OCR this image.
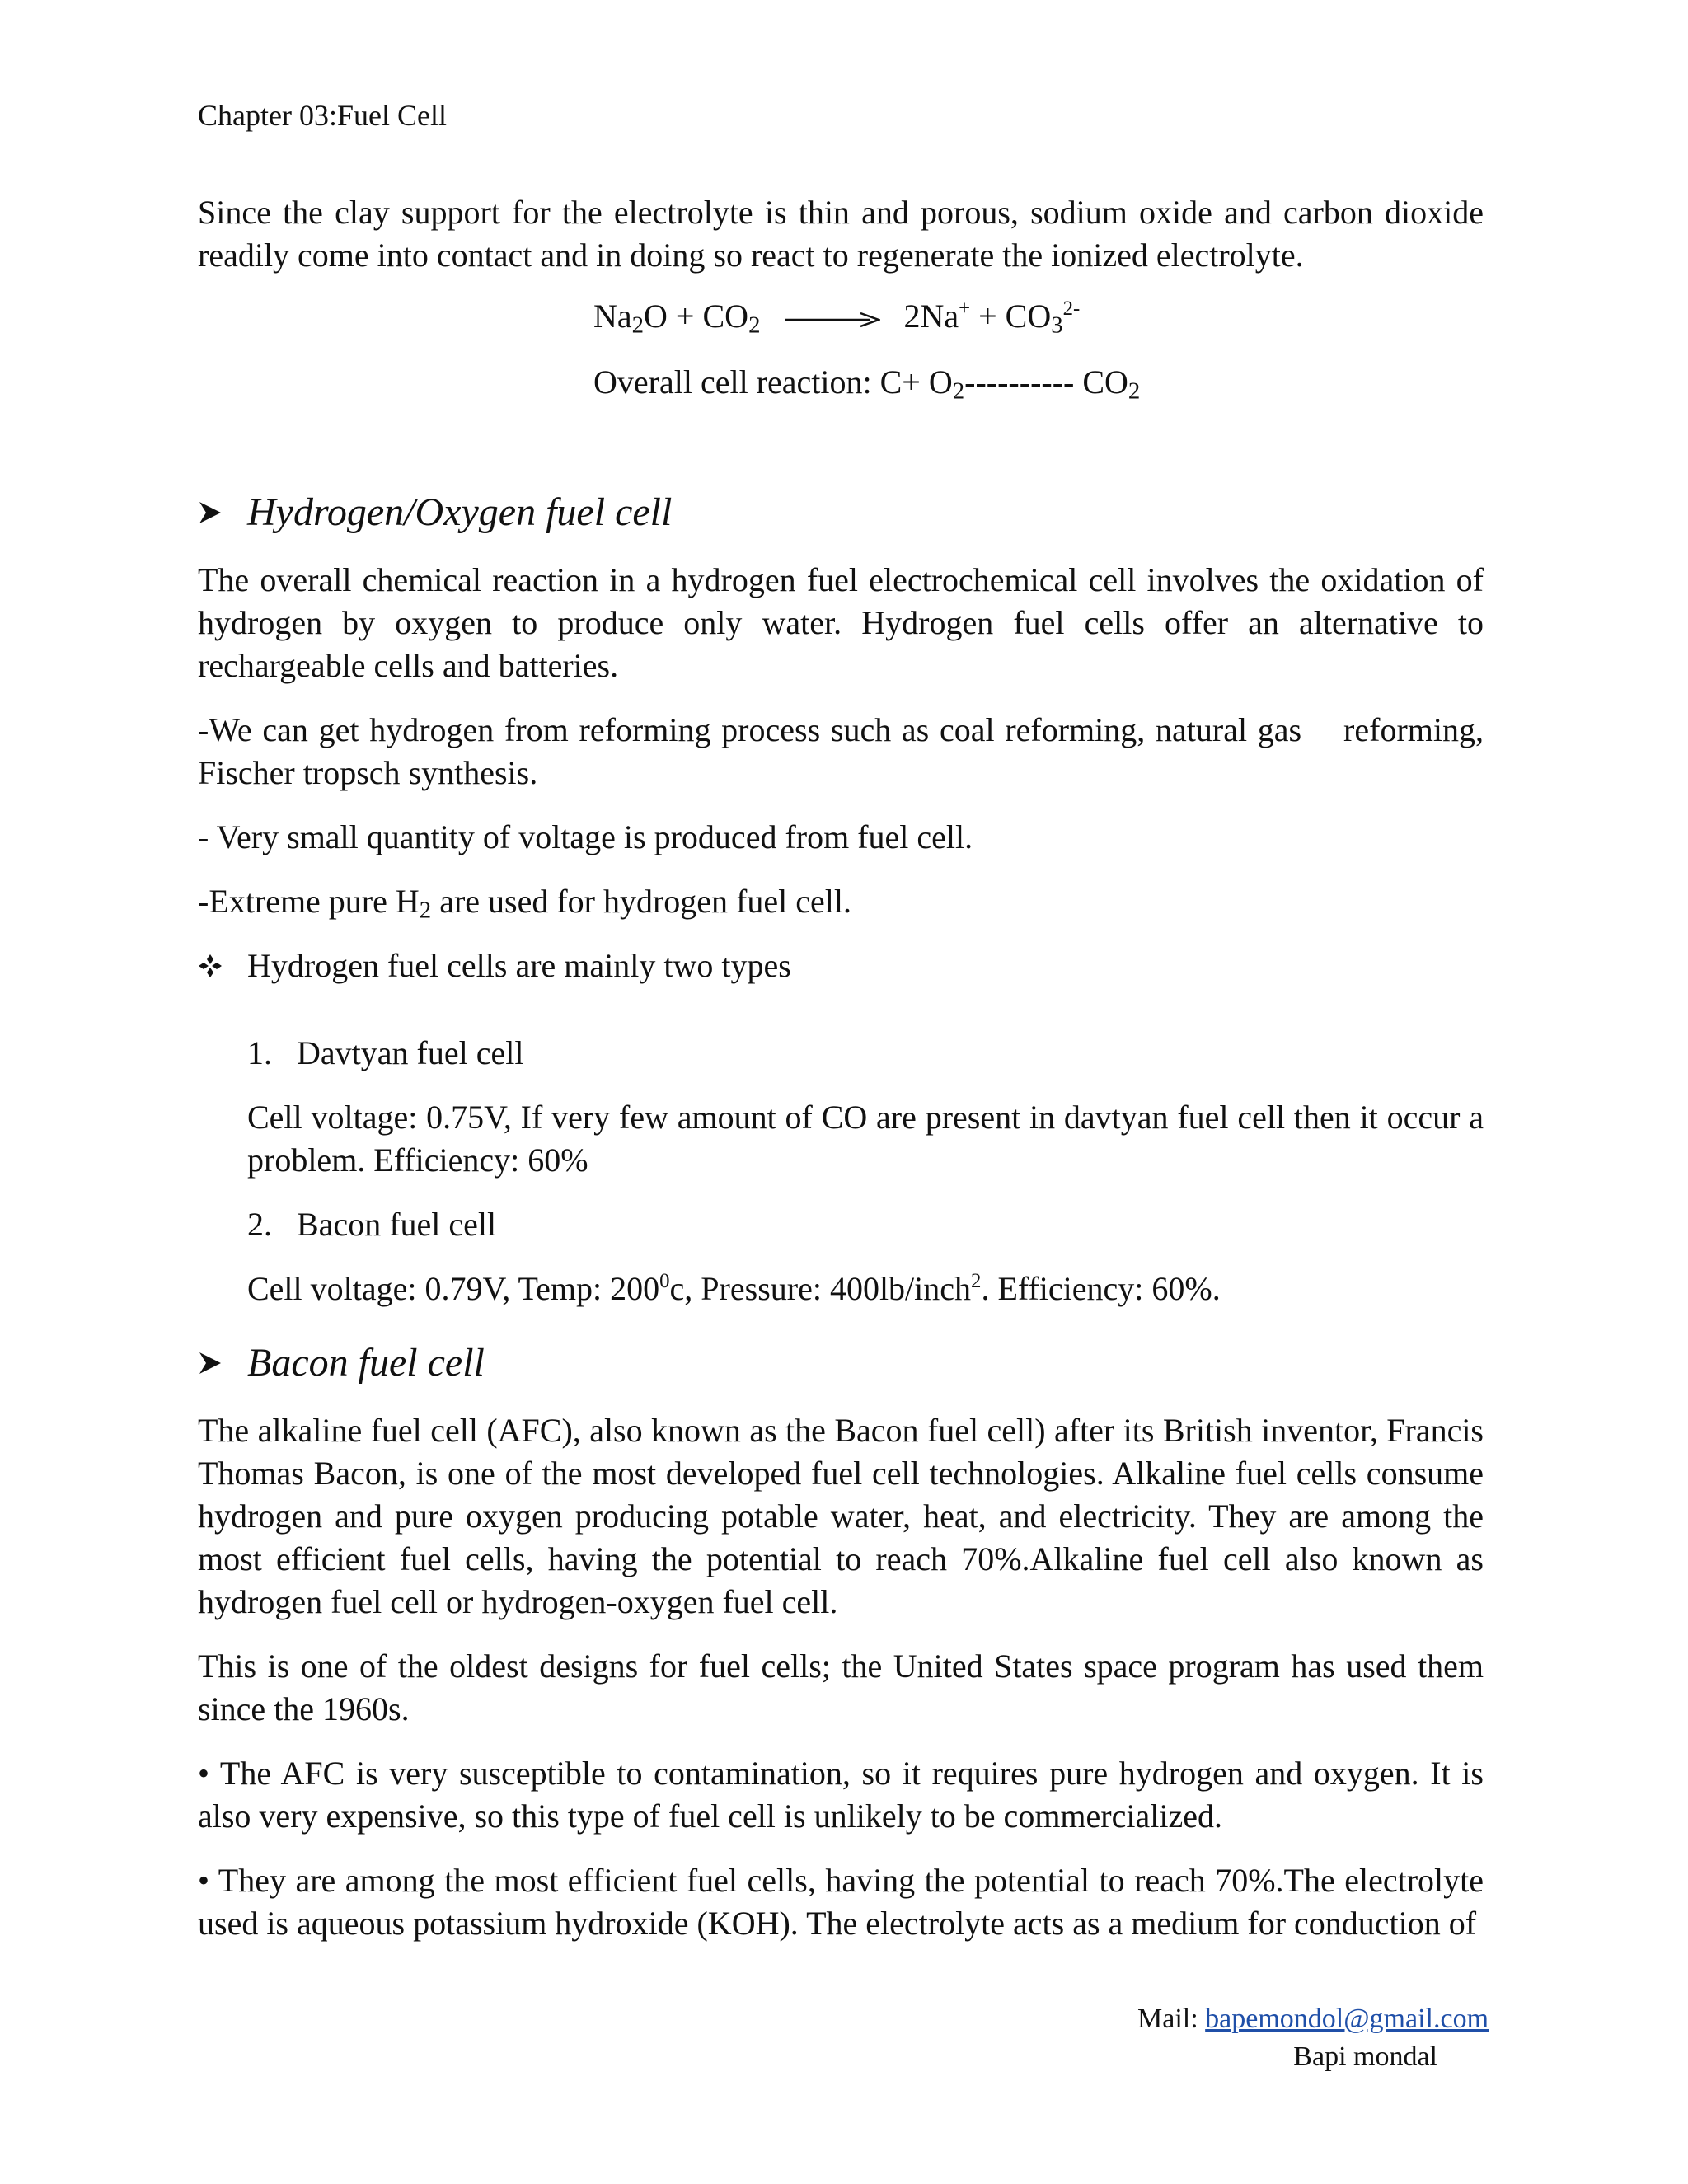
Chapter 03:Fuel Cell

Since the clay support for the electrolyte is thin and porous, sodium oxide and carbon dioxide readily come into contact and in doing so react to regenerate the ionized electrolyte.

$Na_2O + CO_2 \to 2Na^+ + CO_3^{2-}$

Overall cell reaction: $C+ O_2----------$ $CO_2$

Hydrogen/Oxygen fuel cell

The overall chemical reaction in a hydrogen fuel electrochemical cell involves the oxidation of hydrogen by oxygen to produce only water. Hydrogen fuel cells offer an alternative to rechargeable cells and batteries.

-We can get hydrogen from reforming process such as coal reforming, natural gas    reforming, Fischer tropsch synthesis.

- Very small quantity of voltage is produced from fuel cell.

-Extreme pure $H_2$ are used for hydrogen fuel cell.

Hydrogen fuel cells are mainly two types
1. Davtyan fuel cell

Cell voltage: 0.75V, If very few amount of CO are present in davtyan fuel cell then it occur a problem. Efficiency: 60%

2. Bacon fuel cell

Cell voltage: 0.79V, Temp: $200^0c$, Pressure: 400lb/inch$^2$. Efficiency: 60%.

Bacon fuel cell

The alkaline fuel cell (AFC), also known as the Bacon fuel cell) after its British inventor, Francis Thomas Bacon, is one of the most developed fuel cell technologies. Alkaline fuel cells consume hydrogen and pure oxygen producing potable water, heat, and electricity. They are among the most efficient fuel cells, having the potential to reach 70%.Alkaline fuel cell also known as hydrogen fuel cell or hydrogen-oxygen fuel cell.

This is one of the oldest designs for fuel cells; the United States space program has used them since the 1960s.

• The AFC is very susceptible to contamination, so it requires pure hydrogen and oxygen. It is also very expensive, so this type of fuel cell is unlikely to be commercialized.

• They are among the most efficient fuel cells, having the potential to reach 70%.The electrolyte used is aqueous potassium hydroxide (KOH). The electrolyte acts as a medium for conduction of

Mail: bapemondol@gmail.com
Bapi mondal
